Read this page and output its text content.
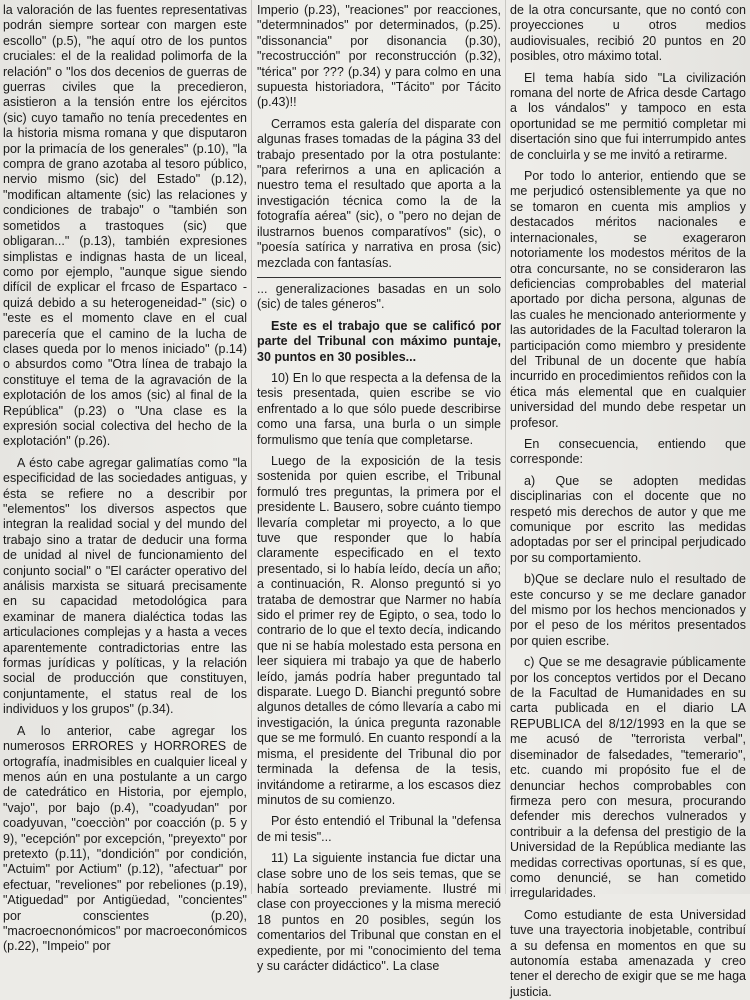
la valoración de las fuentes representativas podrán siempre sortear con margen este escollo" (p.5), "he aquí otro de los puntos cruciales: el de la realidad polimorfa de la relación" o "los dos decenios de guerras de guerras civiles que la precedieron, asistieron a la tensión entre los ejércitos (sic) cuyo tamaño no tenía precedentes en la historia misma romana y que disputaron por la primacía de los generales" (p.10), "la compra de grano azotaba al tesoro público, nervio mismo (sic) del Estado" (p.12), "modifican altamente (sic) las relaciones y condiciones de trabajo" o "también son sometidos a trastoques (sic) que obligaran..." (p.13), también expresiones simplistas e indignas hasta de un liceal, como por ejemplo, "aunque sigue siendo difícil de explicar el frcaso de Espartaco -quizá debido a su heterogeneidad-" (sic) o "este es el momento clave en el cual parecería que el camino de la lucha de clases queda por lo menos iniciado" (p.14) o absurdos como "Otra línea de trabajo la constituye el tema de la agravación de la explotación de los amos (sic) al final de la República" (p.23) o "Una clase es la expresión social colectiva del hecho de la explotación" (p.26).

A ésto cabe agregar galimatías como "la especificidad de las sociedades antiguas, y ésta se refiere no a describir por "elementos" los diversos aspectos que integran la realidad social y del mundo del trabajo sino a tratar de deducir una forma de unidad al nivel de funcionamiento del conjunto social" o "El carácter operativo del análisis marxista se situará precisamente en su capacidad metodológica para examinar de manera dialéctica todas las articulaciones complejas y a hasta a veces aparentemente contradictorias entre las formas jurídicas y políticas, y la relación social de producción que constituyen, conjuntamente, el status real de los individuos y los grupos" (p.34).

A lo anterior, cabe agregar los numerosos ERRORES y HORRORES de ortografía, inadmisibles en cualquier liceal y menos aún en una postulante a un cargo de catedrático en Historia, por ejemplo, "vajo", por bajo (p.4), "coadyudan" por coadyuvan, "coecciòn" por coacción (p. 5 y 9), "ecepción" por excepción, "preyexto" por pretexto (p.11), "dondición" por condición, "Actuim" por Actium" (p.12), "afectuar" por efectuar, "reveliones" por rebeliones (p.19), "Atiguedad" por Antigüedad, "concientes" por conscientes (p.20), "macroecnonómicos" por macroeconómicos (p.22), "Impeio" por

Imperio (p.23), "reaciones" por reacciones, "determninados" por determinados, (p.25). "dissonancia" por disonancia (p.30), "recostrucción" por reconstrucción (p.32), "térica" por ??? (p.34) y para colmo en una supuesta historiadora, "Tácito" por Tácito (p.43)!!

Cerramos esta galería del disparate con algunas frases tomadas de la página 33 del trabajo presentado por la otra postulante: "para referirnos a una en aplicación a nuestro tema el resultado que aporta a la investigación técnica como la de la fotografía aérea" (sic), o "pero no dejan de ilustrarnos buenos comparatívos" (sic), o "poesía satírica y narrativa en prosa (sic) mezclada con fantasías.

... generalizaciones basadas en un solo (sic) de tales géneros".

Este es el trabajo que se calificó por parte del Tribunal con máximo puntaje, 30 puntos en 30 posibles...

10) En lo que respecta a la defensa de la tesis presentada, quien escribe se vio enfrentado a lo que sólo puede describirse como una farsa, una burla o un simple formulismo que tenía que completarse.

Luego de la exposición de la tesis sostenida por quien escribe, el Tribunal formuló tres preguntas, la primera por el presidente L. Bausero, sobre cuánto tiempo llevaría completar mi proyecto, a lo que tuve que responder que lo había claramente especificado en el texto presentado, si lo había leído, decía un año; a continuación, R. Alonso preguntó si yo trataba de demostrar que Narmer no había sido el primer rey de Egipto, o sea, todo lo contrario de lo que el texto decía, indicando que ni se había molestado esta persona en leer siquiera mi trabajo ya que de haberlo leído, jamás podría haber preguntado tal disparate. Luego D. Bianchi preguntó sobre algunos detalles de cómo llevaría a cabo mi investigación, la única pregunta razonable que se me formuló. En cuanto respondí a la misma, el presidente del Tribunal dio por terminada la defensa de la tesis, invitándome a retirarme, a los escasos diez minutos de su comienzo.

Por ésto entendió el Tribunal la "defensa de mi tesis"...

11) La siguiente instancia fue dictar una clase sobre uno de los seis temas, que se había sorteado previamente. Ilustré mi clase con proyecciones y la misma mereció 18 puntos en 20 posibles, según los comentarios del Tribunal que constan en el expediente, por mi "conocimiento del tema y su carácter didáctico". La clase

de la otra concursante, que no contó con proyecciones u otros medios audiovisuales, recibió 20 puntos en 20 posibles, otro máximo total.

El tema había sido "La civilización romana del norte de Africa desde Cartago a los vándalos" y tampoco en esta oportunidad se me permitió completar mi disertación sino que fui interrumpido antes de concluirla y se me invitó a retirarme.

Por todo lo anterior, entiendo que se me perjudicó ostensiblemente ya que no se tomaron en cuenta mis amplios y destacados méritos nacionales e internacionales, se exageraron notoriamente los modestos méritos de la otra concursante, no se consideraron las deficiencias comprobables del material aportado por dicha persona, algunas de las cuales he mencionado anteriormente y las autoridades de la Facultad toleraron la participación como miembro y presidente del Tribunal de un docente que había incurrido en procedimientos reñidos con la ética más elemental que en cualquier universidad del mundo debe respetar un profesor.

En consecuencia, entiendo que corresponde:

a) Que se adopten medidas disciplinarias con el docente que no respetó mis derechos de autor y que me comunique por escrito las medidas adoptadas por ser el principal perjudicado por su comportamiento.

b)Que se declare nulo el resultado de este concurso y se me declare ganador del mismo por los hechos mencionados y por el peso de los méritos presentados por quien escribe.

c) Que se me desagravie públicamente por los conceptos vertidos por el Decano de la Facultad de Humanidades en su carta publicada en el diario LA REPUBLICA del 8/12/1993 en la que se me acusó de "terrorista verbal", diseminador de falsedades, "temerario", etc. cuando mi propósito fue el de denunciar hechos comprobables con firmeza pero con mesura, procurando defender mis derechos vulnerados y contribuir a la defensa del prestigio de la Universidad de la República mediante las medidas correctivas oportunas, sí es que, como denuncié, se han cometido irregularidades.

Como estudiante de esta Universidad tuve una trayectoria inobjetable, contribuí a su defensa en momentos en que su autonomía estaba amenazada y creo tener el derecho de exigir que se me haga justicia.
